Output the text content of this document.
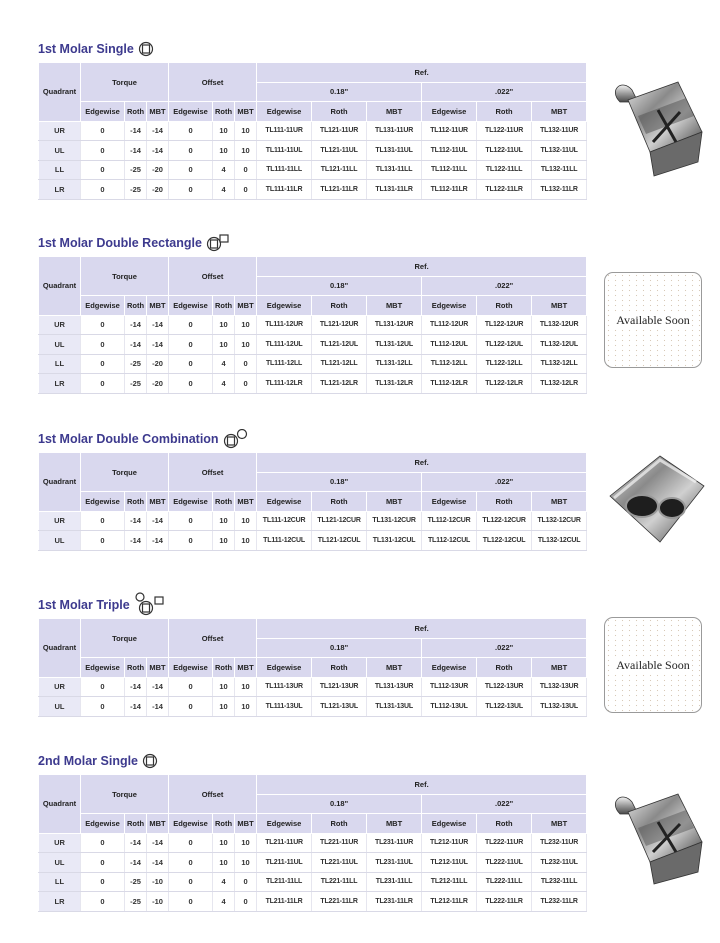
1st Molar Single
Quadrant	Torque			Offset			Ref.					
							0.18"			.022"		
	Edgewise	Roth	MBT	Edgewise	Roth	MBT	Edgewise	Roth	MBT	Edgewise	Roth	MBT
UR	0	-14	-14	0	10	10	TL111-11UR	TL121-11UR	TL131-11UR	TL112-11UR	TL122-11UR	TL132-11UR
UL	0	-14	-14	0	10	10	TL111-11UL	TL121-11UL	TL131-11UL	TL112-11UL	TL122-11UL	TL132-11UL
LL	0	-25	-20	0	4	0	TL111-11LL	TL121-11LL	TL131-11LL	TL112-11LL	TL122-11LL	TL132-11LL
LR	0	-25	-20	0	4	0	TL111-11LR	TL121-11LR	TL131-11LR	TL112-11LR	TL122-11LR	TL132-11LR
1st Molar Double Rectangle
Quadrant	Torque			Offset			Ref.					
							0.18"			.022"		
	Edgewise	Roth	MBT	Edgewise	Roth	MBT	Edgewise	Roth	MBT	Edgewise	Roth	MBT
UR	0	-14	-14	0	10	10	TL111-12UR	TL121-12UR	TL131-12UR	TL112-12UR	TL122-12UR	TL132-12UR
UL	0	-14	-14	0	10	10	TL111-12UL	TL121-12UL	TL131-12UL	TL112-12UL	TL122-12UL	TL132-12UL
LL	0	-25	-20	0	4	0	TL111-12LL	TL121-12LL	TL131-12LL	TL112-12LL	TL122-12LL	TL132-12LL
LR	0	-25	-20	0	4	0	TL111-12LR	TL121-12LR	TL131-12LR	TL112-12LR	TL122-12LR	TL132-12LR
Available Soon
1st Molar Double Combination
Quadrant	Torque			Offset			Ref.					
							0.18"			.022"		
	Edgewise	Roth	MBT	Edgewise	Roth	MBT	Edgewise	Roth	MBT	Edgewise	Roth	MBT
UR	0	-14	-14	0	10	10	TL111-12CUR	TL121-12CUR	TL131-12CUR	TL112-12CUR	TL122-12CUR	TL132-12CUR
UL	0	-14	-14	0	10	10	TL111-12CUL	TL121-12CUL	TL131-12CUL	TL112-12CUL	TL122-12CUL	TL132-12CUL
1st Molar Triple
Quadrant	Torque			Offset			Ref.					
							0.18"			.022"		
	Edgewise	Roth	MBT	Edgewise	Roth	MBT	Edgewise	Roth	MBT	Edgewise	Roth	MBT
UR	0	-14	-14	0	10	10	TL111-13UR	TL121-13UR	TL131-13UR	TL112-13UR	TL122-13UR	TL132-13UR
UL	0	-14	-14	0	10	10	TL111-13UL	TL121-13UL	TL131-13UL	TL112-13UL	TL122-13UL	TL132-13UL
Available Soon
2nd Molar Single
Quadrant	Torque			Offset			Ref.					
							0.18"			.022"		
	Edgewise	Roth	MBT	Edgewise	Roth	MBT	Edgewise	Roth	MBT	Edgewise	Roth	MBT
UR	0	-14	-14	0	10	10	TL211-11UR	TL221-11UR	TL231-11UR	TL212-11UR	TL222-11UR	TL232-11UR
UL	0	-14	-14	0	10	10	TL211-11UL	TL221-11UL	TL231-11UL	TL212-11UL	TL222-11UL	TL232-11UL
LL	0	-25	-10	0	4	0	TL211-11LL	TL221-11LL	TL231-11LL	TL212-11LL	TL222-11LL	TL232-11LL
LR	0	-25	-10	0	4	0	TL211-11LR	TL221-11LR	TL231-11LR	TL212-11LR	TL222-11LR	TL232-11LR
